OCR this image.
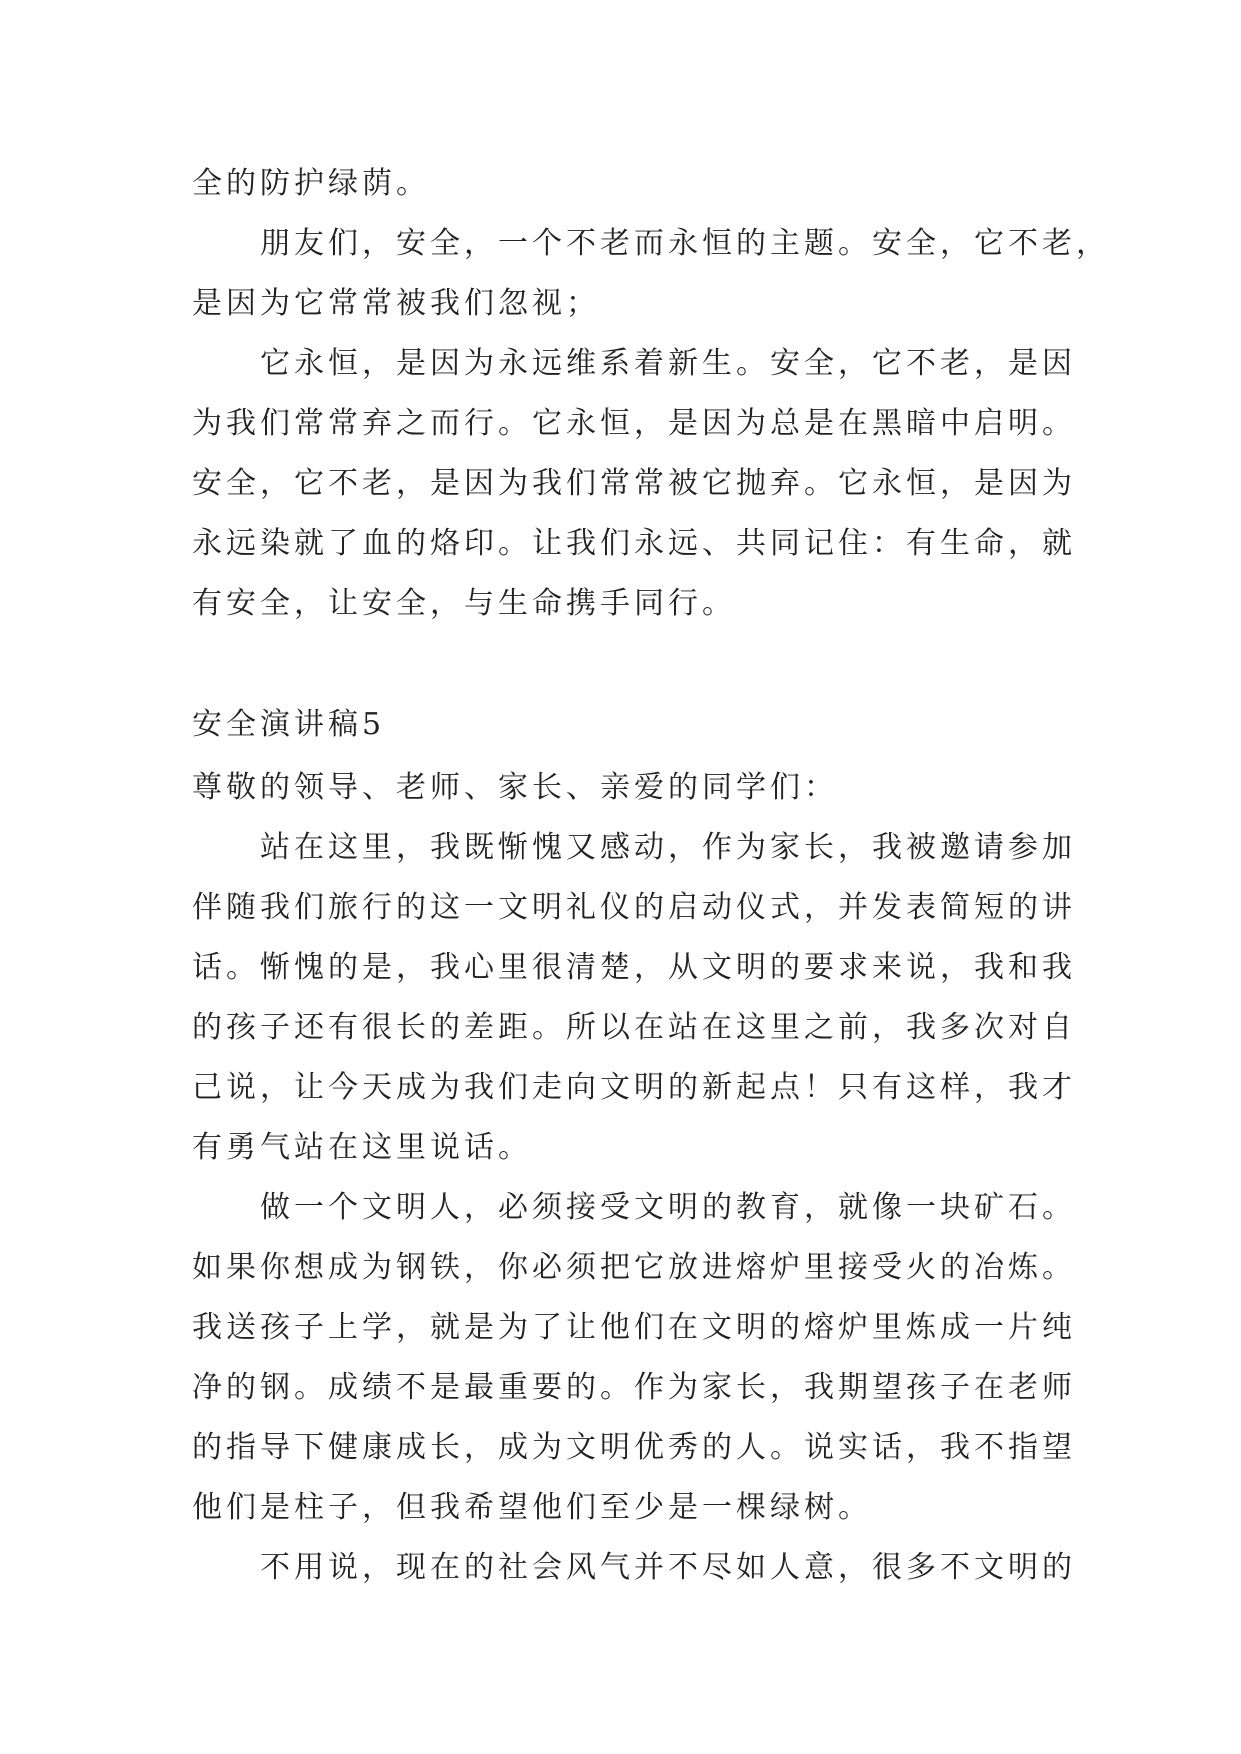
全的防护绿荫。
　　朋友们，安全，一个不老而永恒的主题。安全，它不老，
是因为它常常被我们忽视；
　　它永恒，是因为永远维系着新生。安全，它不老，是因
为我们常常弃之而行。它永恒，是因为总是在黑暗中启明。
安全，它不老，是因为我们常常被它抛弃。它永恒，是因为
永远染就了血的烙印。让我们永远、共同记住：有生命，就
有安全，让安全，与生命携手同行。
安全演讲稿5
尊敬的领导、老师、家长、亲爱的同学们：
　　站在这里，我既惭愧又感动，作为家长，我被邀请参加
伴随我们旅行的这一文明礼仪的启动仪式，并发表简短的讲
话。惭愧的是，我心里很清楚，从文明的要求来说，我和我
的孩子还有很长的差距。所以在站在这里之前，我多次对自
己说，让今天成为我们走向文明的新起点！只有这样，我才
有勇气站在这里说话。
　　做一个文明人，必须接受文明的教育，就像一块矿石。
如果你想成为钢铁，你必须把它放进熔炉里接受火的冶炼。
我送孩子上学，就是为了让他们在文明的熔炉里炼成一片纯
净的钢。成绩不是最重要的。作为家长，我期望孩子在老师
的指导下健康成长，成为文明优秀的人。说实话，我不指望
他们是柱子，但我希望他们至少是一棵绿树。
　　不用说，现在的社会风气并不尽如人意，很多不文明的
